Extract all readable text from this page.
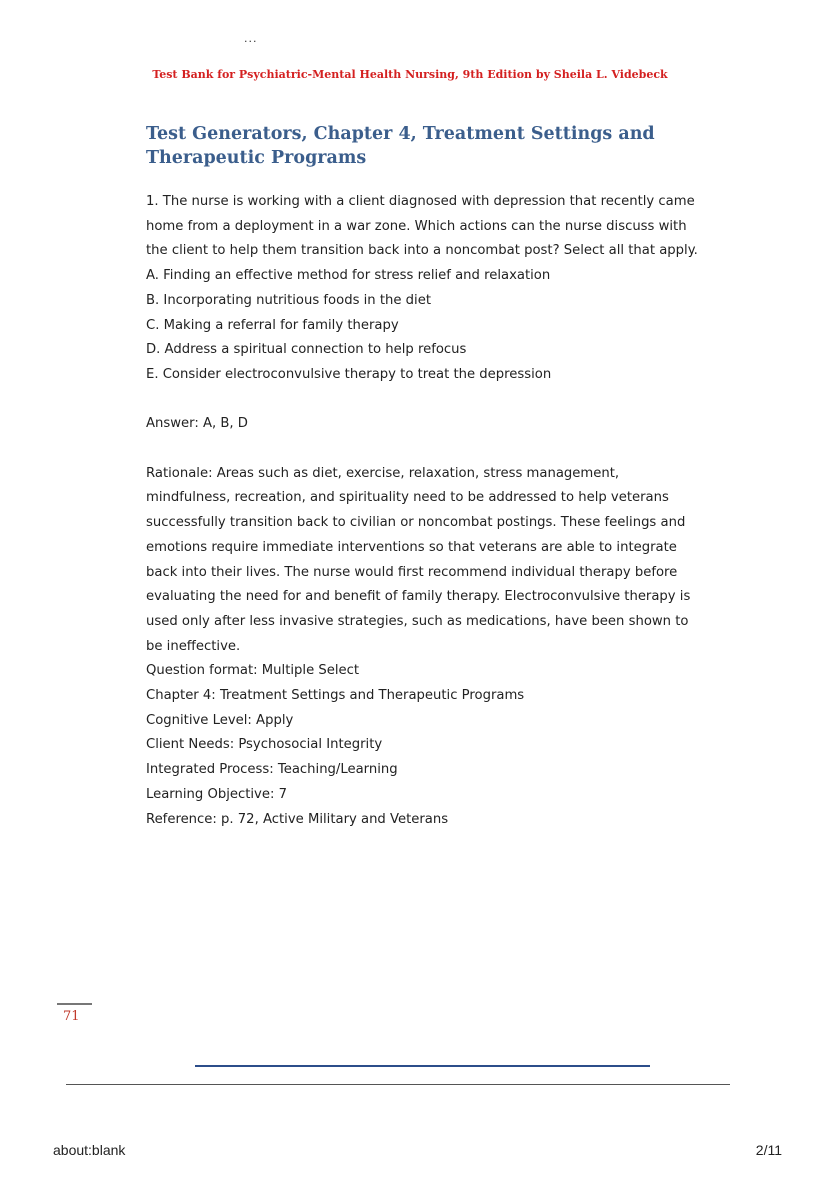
...
Test Bank for Psychiatric-Mental Health Nursing, 9th Edition by Sheila L. Videbeck
Test Generators, Chapter 4, Treatment Settings and
Therapeutic Programs

1. The nurse is working with a client diagnosed with depression that recently came

home from a deployment in a war zone. Which actions can the nurse discuss with

the client to help them transition back into a noncombat post? Select all that apply.

A. Finding an effective method for stress relief and relaxation

B. Incorporating nutritious foods in the diet

C. Making a referral for family therapy

D. Address a spiritual connection to help refocus

E. Consider electroconvulsive therapy to treat the depression

Answer: A, B, D

Rationale: Areas such as diet, exercise, relaxation, stress management,

mindfulness, recreation, and spirituality need to be addressed to help veterans

successfully transition back to civilian or noncombat postings. These feelings and

emotions require immediate interventions so that veterans are able to integrate

back into their lives. The nurse would first recommend individual therapy before

evaluating the need for and benefit of family therapy. Electroconvulsive therapy is

used only after less invasive strategies, such as medications, have been shown to

be ineffective.

Question format: Multiple Select

Chapter 4: Treatment Settings and Therapeutic Programs

Cognitive Level: Apply

Client Needs: Psychosocial Integrity

Integrated Process: Teaching/Learning

Learning Objective: 7

Reference: p. 72, Active Military and Veterans

71
about:blank	2/11
